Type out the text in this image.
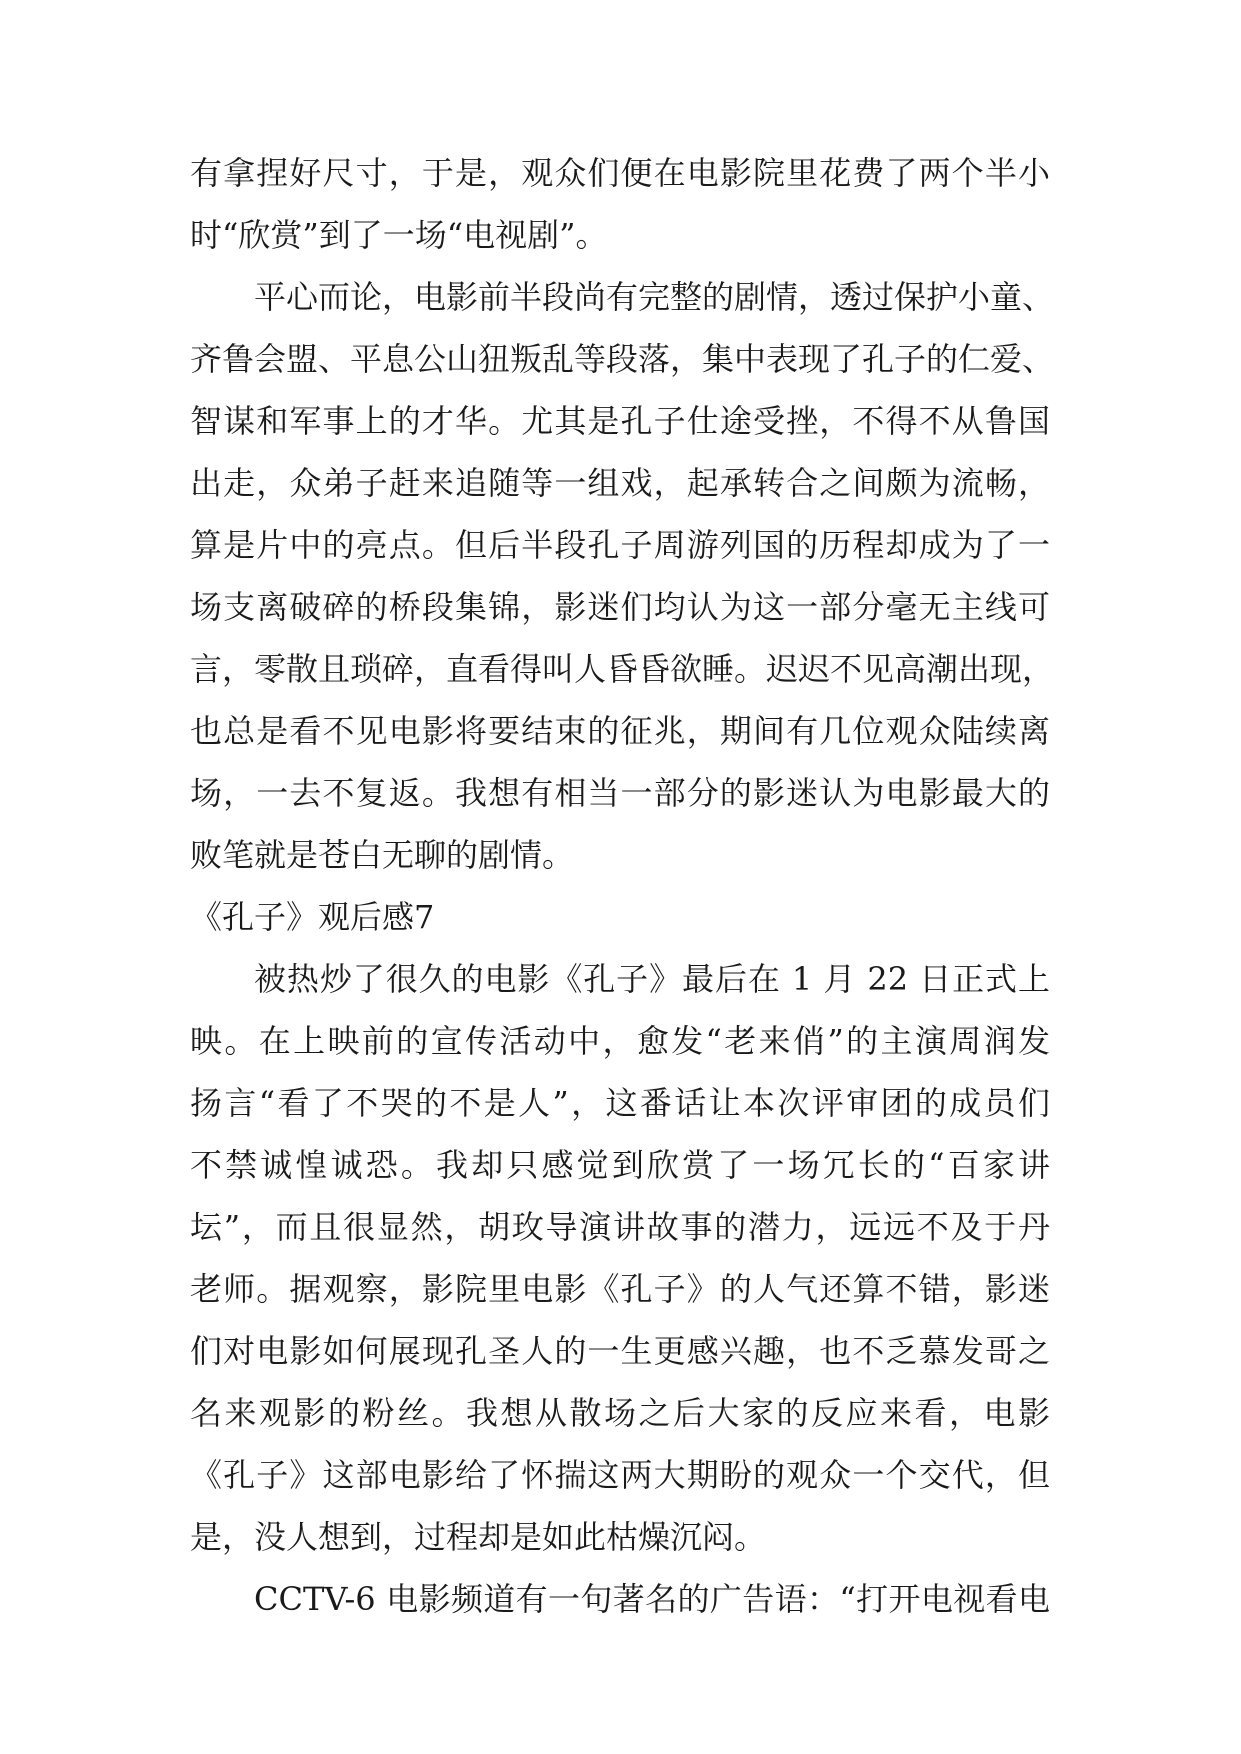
有拿捏好尺寸，于是，观众们便在电影院里花费了两个半小
时“欣赏”到了一场“电视剧”。
平心而论，电影前半段尚有完整的剧情，透过保护小童、
齐鲁会盟、平息公山狃叛乱等段落，集中表现了孔子的仁爱、
智谋和军事上的才华。尤其是孔子仕途受挫，不得不从鲁国
出走，众弟子赶来追随等一组戏，起承转合之间颇为流畅，
算是片中的亮点。但后半段孔子周游列国的历程却成为了一
场支离破碎的桥段集锦，影迷们均认为这一部分毫无主线可
言，零散且琐碎，直看得叫人昏昏欲睡。迟迟不见高潮出现，
也总是看不见电影将要结束的征兆，期间有几位观众陆续离
场，一去不复返。我想有相当一部分的影迷认为电影最大的
败笔就是苍白无聊的剧情。
《孔子》观后感7
被热炒了很久的电影《孔子》最后在 1 月 22 日正式上
映。在上映前的宣传活动中，愈发“老来俏”的主演周润发
扬言“看了不哭的不是人”，这番话让本次评审团的成员们
不禁诚惶诚恐。我却只感觉到欣赏了一场冗长的“百家讲
坛”，而且很显然，胡玫导演讲故事的潜力，远远不及于丹
老师。据观察，影院里电影《孔子》的人气还算不错，影迷
们对电影如何展现孔圣人的一生更感兴趣，也不乏慕发哥之
名来观影的粉丝。我想从散场之后大家的反应来看，电影
《孔子》这部电影给了怀揣这两大期盼的观众一个交代，但
是，没人想到，过程却是如此枯燥沉闷。
CCTV-6 电影频道有一句著名的广告语：“打开电视看电
